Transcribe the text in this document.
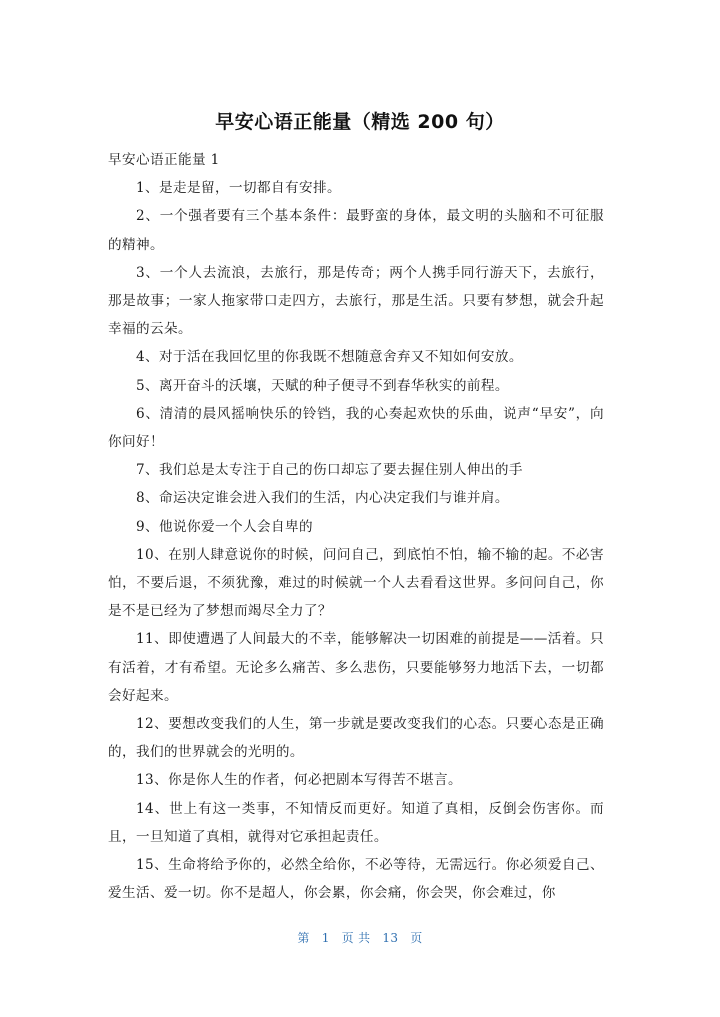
早安心语正能量（精选 200 句）

早安心语正能量 1

1、是走是留，一切都自有安排。

2、一个强者要有三个基本条件：最野蛮的身体，最文明的头脑和不可征服的精神。

3、一个人去流浪，去旅行，那是传奇；两个人携手同行游天下，去旅行，那是故事；一家人拖家带口走四方，去旅行，那是生活。只要有梦想，就会升起幸福的云朵。

4、对于活在我回忆里的你我既不想随意舍弃又不知如何安放。

5、离开奋斗的沃壤，天赋的种子便寻不到春华秋实的前程。

6、清清的晨风摇响快乐的铃铛，我的心奏起欢快的乐曲，说声“早安”，向你问好！

7、我们总是太专注于自己的伤口却忘了要去握住别人伸出的手

8、命运决定谁会进入我们的生活，内心决定我们与谁并肩。

9、他说你爱一个人会自卑的

10、在别人肆意说你的时候，问问自己，到底怕不怕，输不输的起。不必害怕，不要后退，不须犹豫，难过的时候就一个人去看看这世界。多问问自己，你是不是已经为了梦想而竭尽全力了？

11、即使遭遇了人间最大的不幸，能够解决一切困难的前提是——活着。只有活着，才有希望。无论多么痛苦、多么悲伤，只要能够努力地活下去，一切都会好起来。

12、要想改变我们的人生，第一步就是要改变我们的心态。只要心态是正确的，我们的世界就会的光明的。

13、你是你人生的作者，何必把剧本写得苦不堪言。

14、世上有这一类事，不知情反而更好。知道了真相，反倒会伤害你。而且，一旦知道了真相，就得对它承担起责任。

15、生命将给予你的，必然全给你，不必等待，无需远行。你必须爱自己、爱生活、爱一切。你不是超人，你会累，你会痛，你会哭，你会难过，你

第 1 页 共 13 页
